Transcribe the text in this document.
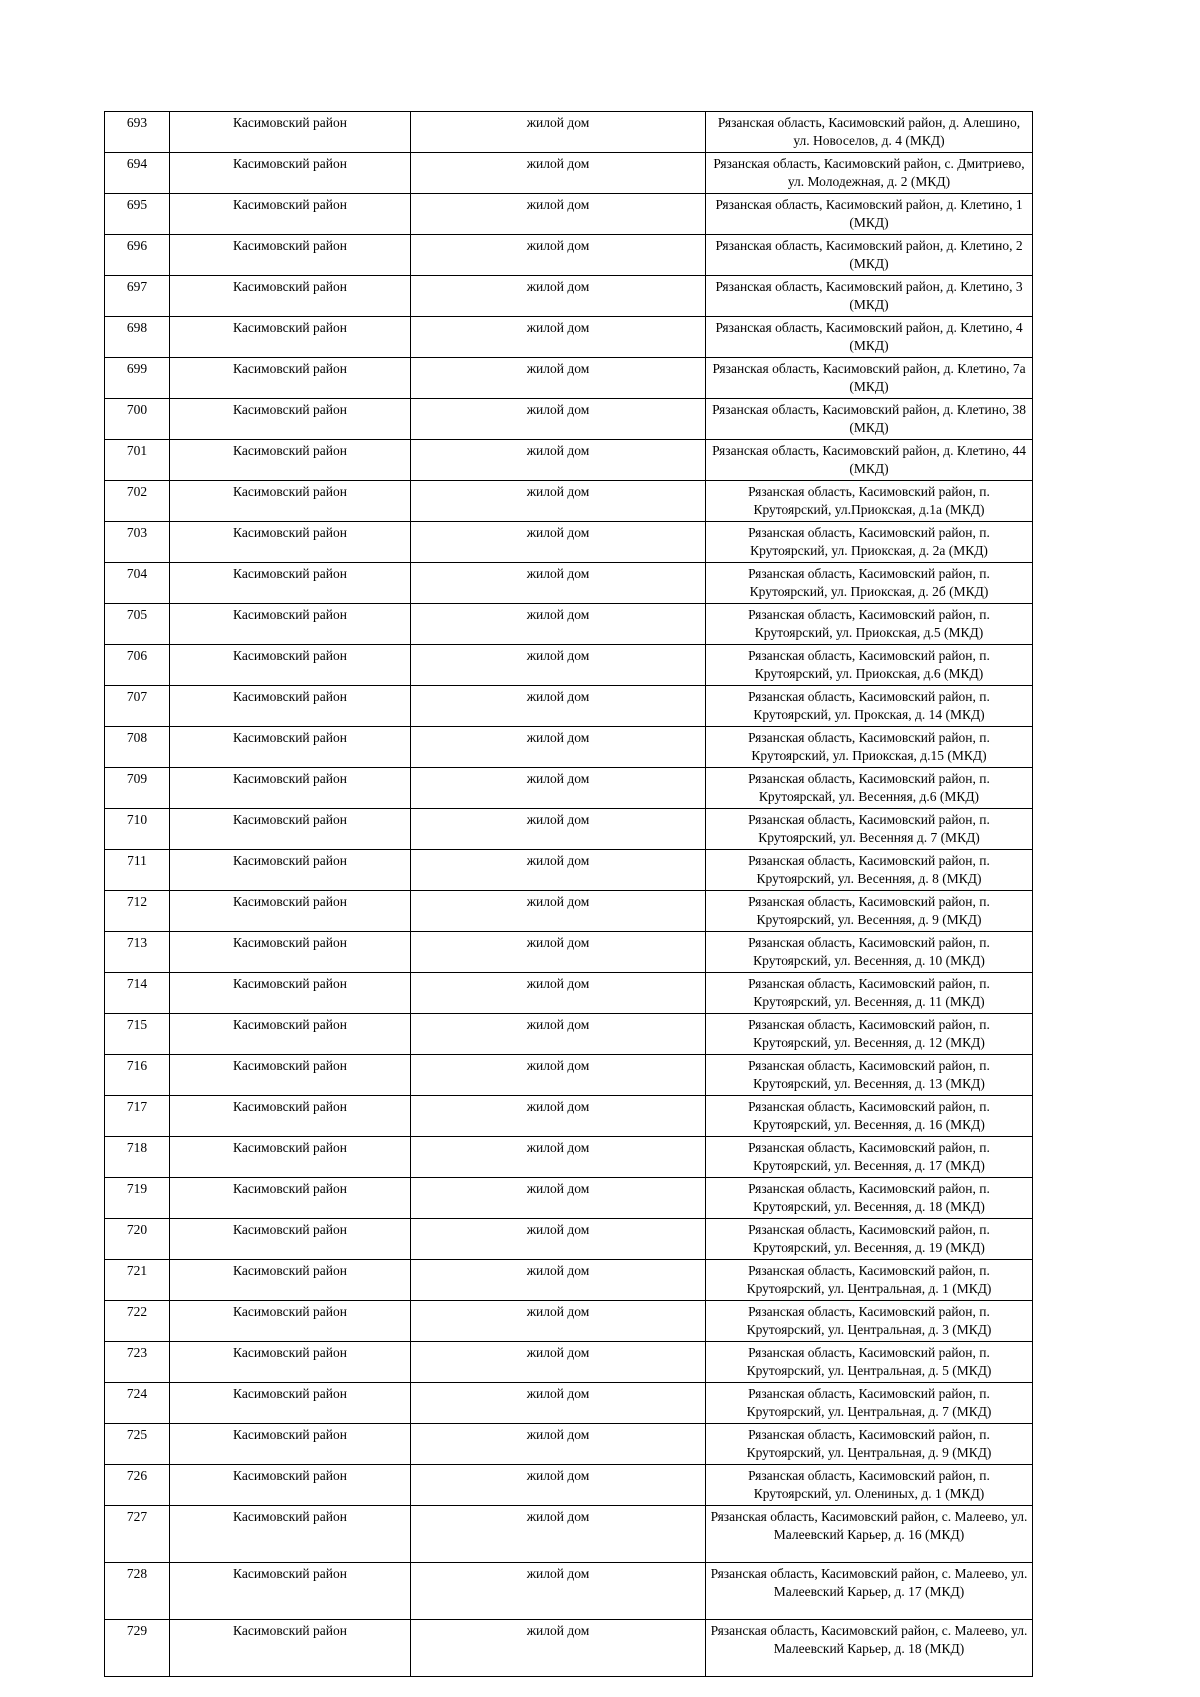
693	Касимовский район	жилой дом	Рязанская область, Касимовский район, д. Алешино, ул. Новоселов, д. 4 (МКД)
694	Касимовский район	жилой дом	Рязанская область, Касимовский район, с. Дмитриево, ул. Молодежная, д. 2 (МКД)
695	Касимовский район	жилой дом	Рязанская область, Касимовский район, д. Клетино, 1 (МКД)
696	Касимовский район	жилой дом	Рязанская область, Касимовский район, д. Клетино, 2 (МКД)
697	Касимовский район	жилой дом	Рязанская область, Касимовский район, д. Клетино, 3 (МКД)
698	Касимовский район	жилой дом	Рязанская область, Касимовский район, д. Клетино, 4 (МКД)
699	Касимовский район	жилой дом	Рязанская область, Касимовский район, д. Клетино, 7а (МКД)
700	Касимовский район	жилой дом	Рязанская область, Касимовский район, д. Клетино, 38 (МКД)
701	Касимовский район	жилой дом	Рязанская область, Касимовский район, д. Клетино, 44 (МКД)
702	Касимовский район	жилой дом	Рязанская область, Касимовский район, п. Крутоярский, ул.Приокская, д.1а (МКД)
703	Касимовский район	жилой дом	Рязанская область, Касимовский район, п. Крутоярский, ул. Приокская, д. 2а (МКД)
704	Касимовский район	жилой дом	Рязанская область, Касимовский район, п. Крутоярский, ул. Приокская, д. 2б (МКД)
705	Касимовский район	жилой дом	Рязанская область, Касимовский район, п. Крутоярский, ул. Приокская, д.5 (МКД)
706	Касимовский район	жилой дом	Рязанская область, Касимовский район, п. Крутоярский, ул. Приокская, д.6 (МКД)
707	Касимовский район	жилой дом	Рязанская область, Касимовский район, п. Крутоярский, ул. Прокская, д. 14 (МКД)
708	Касимовский район	жилой дом	Рязанская область, Касимовский район, п. Крутоярский, ул. Приокская, д.15 (МКД)
709	Касимовский район	жилой дом	Рязанская область, Касимовский район, п. Крутоярскай, ул. Весенняя, д.6 (МКД)
710	Касимовский район	жилой дом	Рязанская область, Касимовский район, п. Крутоярский, ул. Весенняя д. 7 (МКД)
711	Касимовский район	жилой дом	Рязанская область, Касимовский район, п. Крутоярский, ул. Весенняя, д. 8 (МКД)
712	Касимовский район	жилой дом	Рязанская область, Касимовский район, п. Крутоярский, ул. Весенняя, д. 9 (МКД)
713	Касимовский район	жилой дом	Рязанская область, Касимовский район, п. Крутоярский, ул. Весенняя, д. 10 (МКД)
714	Касимовский район	жилой дом	Рязанская область, Касимовский район, п. Крутоярский, ул. Весенняя, д. 11 (МКД)
715	Касимовский район	жилой дом	Рязанская область, Касимовский район, п. Крутоярский, ул. Весенняя, д. 12 (МКД)
716	Касимовский район	жилой дом	Рязанская область, Касимовский район, п. Крутоярский, ул. Весенняя, д. 13 (МКД)
717	Касимовский район	жилой дом	Рязанская область, Касимовский район, п. Крутоярский, ул. Весенняя, д. 16 (МКД)
718	Касимовский район	жилой дом	Рязанская область, Касимовский район, п. Крутоярский, ул. Весенняя, д. 17 (МКД)
719	Касимовский район	жилой дом	Рязанская область, Касимовский район, п. Крутоярский, ул. Весенняя, д. 18 (МКД)
720	Касимовский район	жилой дом	Рязанская область, Касимовский район, п. Крутоярский, ул. Весенняя, д. 19 (МКД)
721	Касимовский район	жилой дом	Рязанская область, Касимовский район, п. Крутоярский, ул. Центральная, д. 1 (МКД)
722	Касимовский район	жилой дом	Рязанская область, Касимовский район, п. Крутоярский, ул. Центральная, д. 3 (МКД)
723	Касимовский район	жилой дом	Рязанская область, Касимовский район, п. Крутоярский, ул. Центральная, д. 5 (МКД)
724	Касимовский район	жилой дом	Рязанская область, Касимовский район, п. Крутоярский, ул. Центральная, д. 7 (МКД)
725	Касимовский район	жилой дом	Рязанская область, Касимовский район, п. Крутоярский, ул. Центральная, д. 9 (МКД)
726	Касимовский район	жилой дом	Рязанская область, Касимовский район, п. Крутоярский, ул. Олениных, д. 1 (МКД)
727	Касимовский район	жилой дом	Рязанская область, Касимовский район, с. Малеево, ул. Малеевский Карьер, д. 16 (МКД)
728	Касимовский район	жилой дом	Рязанская область, Касимовский район, с. Малеево, ул. Малеевский Карьер, д. 17 (МКД)
729	Касимовский район	жилой дом	Рязанская область, Касимовский район, с. Малеево, ул. Малеевский Карьер, д. 18 (МКД)
